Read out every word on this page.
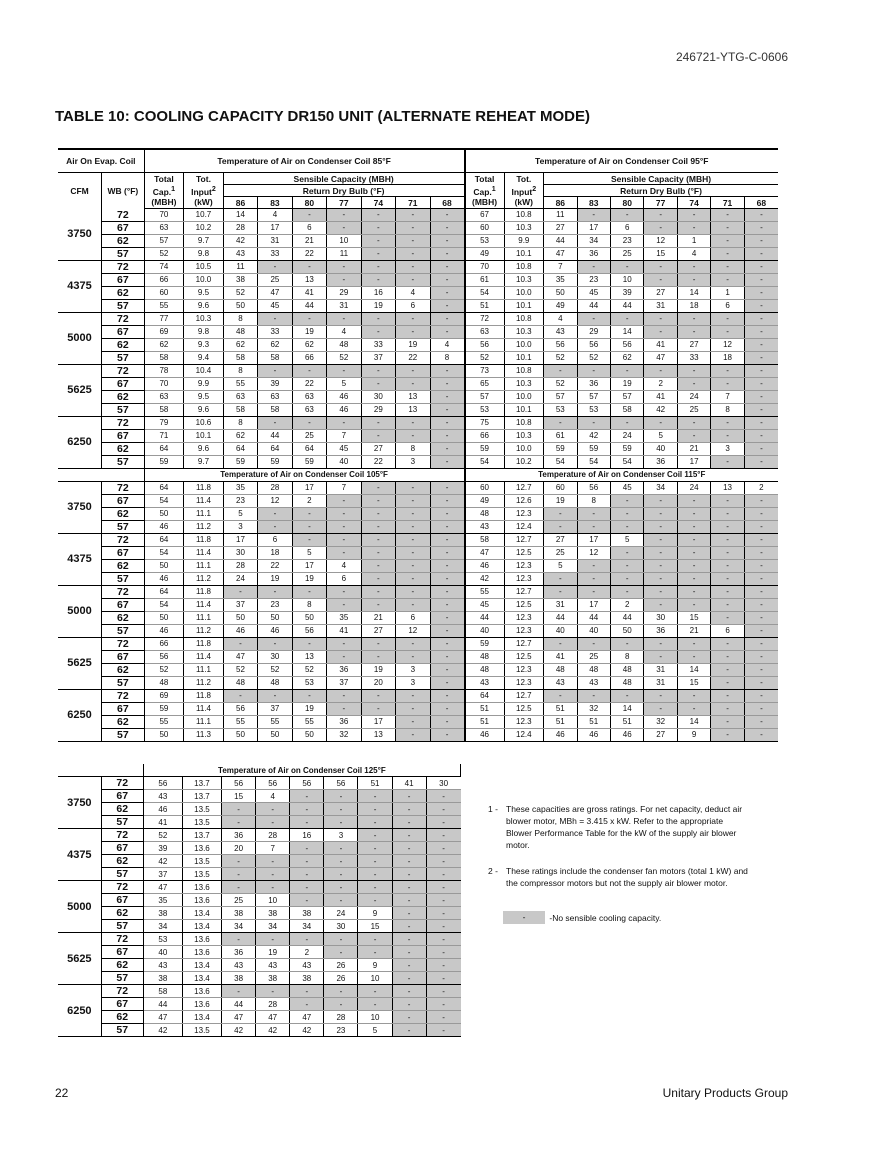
246721-YTG-C-0606
TABLE 10: COOLING CAPACITY DR150 UNIT (ALTERNATE REHEAT MODE)
Air On Evap. Coil		Temperature of Air on Condenser Coil 85°F									Temperature of Air on Condenser Coil 95°F								
CFM	WB (°F)	Total	Tot.	Sensible Capacity (MBH)							Total	Tot.	Sensible Capacity (MBH)						
		Cap.$^1$	Input$^2$	Return Dry Bulb (°F)							Cap.$^1$	Input$^2$	Return Dry Bulb (°F)						
		(MBH)	(kW)	86	83	80	77	74	71	68	(MBH)	(kW)	86	83	80	77	74	71	68
3750	72	70	10.7	14	4	-	-	-	-	-	67	10.8	11	-	-	-	-	-	-
	67	63	10.2	28	17	6	-	-	-	-	60	10.3	27	17	6	-	-	-	-
	62	57	9.7	42	31	21	10	-	-	-	53	9.9	44	34	23	12	1	-	-
	57	52	9.8	43	33	22	11	-	-	-	49	10.1	47	36	25	15	4	-	-
4375	72	74	10.5	11	-	-	-	-	-	-	70	10.8	7	-	-	-	-	-	-
	67	66	10.0	38	25	13	-	-	-	-	61	10.3	35	23	10	-	-	-	-
	62	60	9.5	52	47	41	29	16	4	-	54	10.0	50	45	39	27	14	1	-
	57	55	9.6	50	45	44	31	19	6	-	51	10.1	49	44	44	31	18	6	-
5000	72	77	10.3	8	-	-	-	-	-	-	72	10.8	4	-	-	-	-	-	-
	67	69	9.8	48	33	19	4	-	-	-	63	10.3	43	29	14	-	-	-	-
	62	62	9.3	62	62	62	48	33	19	4	56	10.0	56	56	56	41	27	12	-
	57	58	9.4	58	58	66	52	37	22	8	52	10.1	52	52	62	47	33	18	-
5625	72	78	10.4	8	-	-	-	-	-	-	73	10.8	-	-	-	-	-	-	-
	67	70	9.9	55	39	22	5	-	-	-	65	10.3	52	36	19	2	-	-	-
	62	63	9.5	63	63	63	46	30	13	-	57	10.0	57	57	57	41	24	7	-
	57	58	9.6	58	58	63	46	29	13	-	53	10.1	53	53	58	42	25	8	-
6250	72	79	10.6	8	-	-	-	-	-	-	75	10.8	-	-	-	-	-	-	-
	67	71	10.1	62	44	25	7	-	-	-	66	10.3	61	42	24	5	-	-	-
	62	64	9.6	64	64	64	45	27	8	-	59	10.0	59	59	59	40	21	3	-
	57	59	9.7	59	59	59	40	22	3	-	54	10.2	54	54	54	36	17	-	-
		Temperature of Air on Condenser Coil 105°F									Temperature of Air on Condenser Coil 115°F								
3750	72	64	11.8	35	28	17	7	-	-	-	60	12.7	60	56	45	34	24	13	2
	67	54	11.4	23	12	2	-	-	-	-	49	12.6	19	8	-	-	-	-	-
	62	50	11.1	5	-	-	-	-	-	-	48	12.3	-	-	-	-	-	-	-
	57	46	11.2	3	-	-	-	-	-	-	43	12.4	-	-	-	-	-	-	-
4375	72	64	11.8	17	6	-	-	-	-	-	58	12.7	27	17	5	-	-	-	-
	67	54	11.4	30	18	5	-	-	-	-	47	12.5	25	12	-	-	-	-	-
	62	50	11.1	28	22	17	4	-	-	-	46	12.3	5	-	-	-	-	-	-
	57	46	11.2	24	19	19	6	-	-	-	42	12.3	-	-	-	-	-	-	-
5000	72	64	11.8	-	-	-	-	-	-	-	55	12.7	-	-	-	-	-	-	-
	67	54	11.4	37	23	8	-	-	-	-	45	12.5	31	17	2	-	-	-	-
	62	50	11.1	50	50	50	35	21	6	-	44	12.3	44	44	44	30	15	-	-
	57	46	11.2	46	46	56	41	27	12	-	40	12.3	40	40	50	36	21	6	-
5625	72	66	11.8	-	-	-	-	-	-	-	59	12.7	-	-	-	-	-	-	-
	67	56	11.4	47	30	13	-	-	-	-	48	12.5	41	25	8	-	-	-	-
	62	52	11.1	52	52	52	36	19	3	-	48	12.3	48	48	48	31	14	-	-
	57	48	11.2	48	48	53	37	20	3	-	43	12.3	43	43	48	31	15	-	-
6250	72	69	11.8	-	-	-	-	-	-	-	64	12.7	-	-	-	-	-	-	-
	67	59	11.4	56	37	19	-	-	-	-	51	12.5	51	32	14	-	-	-	-
	62	55	11.1	55	55	55	36	17	-	-	51	12.3	51	51	51	32	14	-	-
	57	50	11.3	50	50	50	32	13	-	-	46	12.4	46	46	46	27	9	-	-
		Temperature of Air on Condenser Coil 125°F								
3750	72	56	13.7	56	56	56	56	51	41	30
	67	43	13.7	15	4	-	-	-	-	-
	62	46	13.5	-	-	-	-	-	-	-
	57	41	13.5	-	-	-	-	-	-	-
4375	72	52	13.7	36	28	16	3	-	-	-
	67	39	13.6	20	7	-	-	-	-	-
	62	42	13.5	-	-	-	-	-	-	-
	57	37	13.5	-	-	-	-	-	-	-
5000	72	47	13.6	-	-	-	-	-	-	-
	67	35	13.6	25	10	-	-	-	-	-
	62	38	13.4	38	38	38	24	9	-	-
	57	34	13.4	34	34	34	30	15	-	-
5625	72	53	13.6	-	-	-	-	-	-	-
	67	40	13.6	36	19	2	-	-	-	-
	62	43	13.4	43	43	43	26	9	-	-
	57	38	13.4	38	38	38	26	10	-	-
6250	72	58	13.6	-	-	-	-	-	-	-
	67	44	13.6	44	28	-	-	-	-	-
	62	47	13.4	47	47	47	28	10	-	-
	57	42	13.5	42	42	42	23	5	-	-
1 - These capacities are gross ratings. For net capacity, deduct air blower motor, MBh = 3.415 x kW. Refer to the appropriate Blower Performance Table for the kW of the supply air blower motor.
2 - These ratings include the condenser fan motors (total 1 kW) and the compressor motors but not the supply air blower motor.
-	-No sensible cooling capacity.
22	Unitary Products Group
